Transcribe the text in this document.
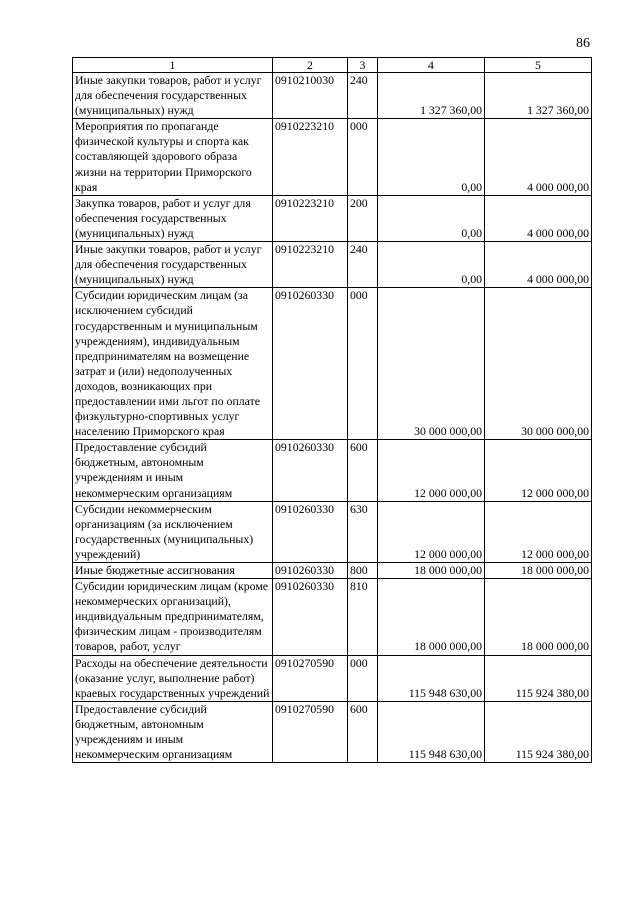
86
1	2	3	4	5
Иные закупки товаров, работ и услуг для обеспечения государственных (муниципальных) нужд	0910210030	240	1 327 360,00	1 327 360,00
Мероприятия по пропаганде физической культуры и спорта как составляющей здорового образа жизни на территории Приморского края	0910223210	000	0,00	4 000 000,00
Закупка товаров, работ и услуг для обеспечения государственных (муниципальных) нужд	0910223210	200	0,00	4 000 000,00
Иные закупки товаров, работ и услуг для обеспечения государственных (муниципальных) нужд	0910223210	240	0,00	4 000 000,00
Субсидии юридическим лицам (за исключением субсидий государственным и муниципальным учреждениям), индивидуальным предпринимателям на возмещение затрат и (или) недополученных доходов, возникающих при предоставлении ими льгот по оплате физкультурно-спортивных услуг населению Приморского края	0910260330	000	30 000 000,00	30 000 000,00
Предоставление субсидий бюджетным, автономным учреждениям и иным некоммерческим организациям	0910260330	600	12 000 000,00	12 000 000,00
Субсидии некоммерческим организациям (за исключением государственных (муниципальных) учреждений)	0910260330	630	12 000 000,00	12 000 000,00
Иные бюджетные ассигнования	0910260330	800	18 000 000,00	18 000 000,00
Субсидии юридическим лицам (кроме некоммерческих организаций), индивидуальным предпринимателям, физическим лицам - производителям товаров, работ, услуг	0910260330	810	18 000 000,00	18 000 000,00
Расходы на обеспечение деятельности (оказание услуг, выполнение работ) краевых государственных учреждений	0910270590	000	115 948 630,00	115 924 380,00
Предоставление субсидий бюджетным, автономным учреждениям и иным некоммерческим организациям	0910270590	600	115 948 630,00	115 924 380,00
